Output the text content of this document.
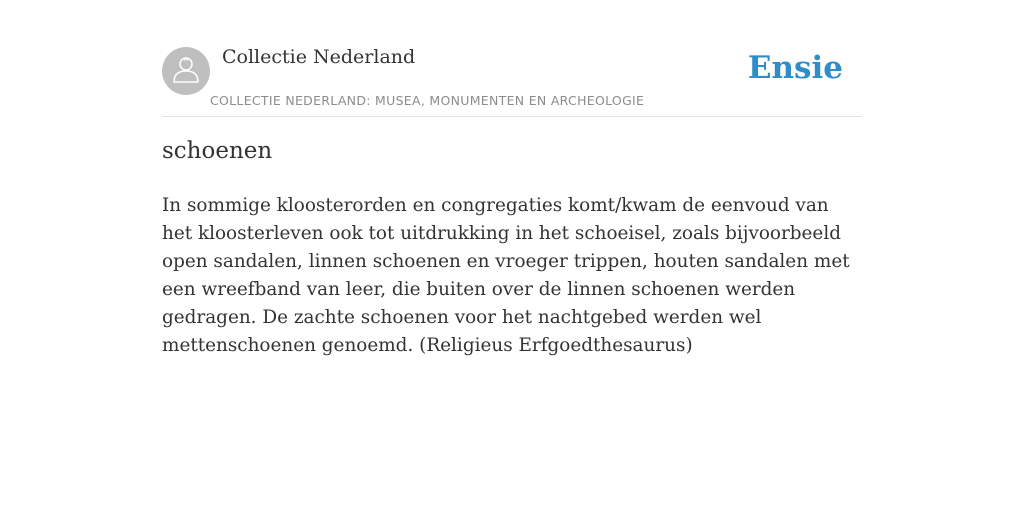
Collectie Nederland
COLLECTIE NEDERLAND: MUSEA, MONUMENTEN EN ARCHEOLOGIE
Ensie
schoenen

In sommige kloosterorden en congregaties komt/kwam de eenvoud van het kloosterleven ook tot uitdrukking in het schoeisel, zoals bijvoorbeeld open sandalen, linnen schoenen en vroeger trippen, houten sandalen met een wreefband van leer, die buiten over de linnen schoenen werden gedragen. De zachte schoenen voor het nachtgebed werden wel mettenschoenen genoemd. (Religieus Erfgoedthesaurus)
